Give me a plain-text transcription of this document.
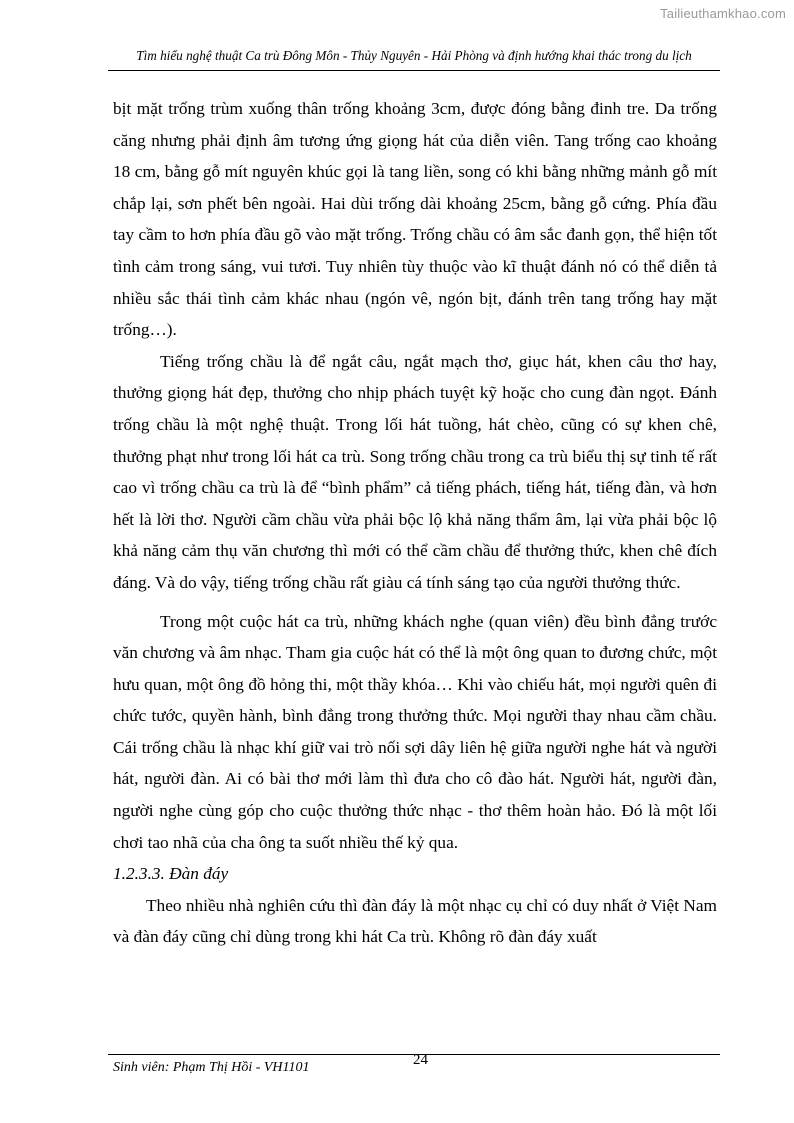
Tailieuthamkhao.com
Tìm hiểu nghệ thuật Ca trù Đông Môn - Thủy Nguyên - Hải Phòng và định hướng khai thác trong du lịch

bịt mặt trống trùm xuống thân trống khoảng 3cm, được đóng bằng đinh tre. Da trống căng nhưng phải định âm tương ứng giọng hát của diễn viên. Tang trống cao khoảng 18 cm, bằng gỗ mít nguyên khúc gọi là tang liền, song có khi bằng những mảnh gỗ mít chắp lại, sơn phết bên ngoài. Hai dùi trống dài khoảng 25cm, bằng gỗ cứng. Phía đầu tay cầm to hơn phía đầu gõ vào mặt trống. Trống chầu có âm sắc đanh gọn, thể hiện tốt tình cảm trong sáng, vui tươi. Tuy nhiên tùy thuộc vào kĩ thuật đánh nó có thể diễn tả nhiều sắc thái tình cảm khác nhau (ngón vê, ngón bịt, đánh trên tang trống hay mặt trống…).

Tiếng trống chầu là để ngắt câu, ngắt mạch thơ, giục hát, khen câu thơ hay, thưởng giọng hát đẹp, thưởng cho nhịp phách tuyệt kỹ hoặc cho cung đàn ngọt. Đánh trống chầu là một nghệ thuật. Trong lối hát tuồng, hát chèo, cũng có sự khen chê, thưởng phạt như trong lối hát ca trù. Song trống chầu trong ca trù biểu thị sự tinh tế rất cao vì trống chầu ca trù là để “bình phẩm” cả tiếng phách, tiếng hát, tiếng đàn, và hơn hết là lời thơ. Người cầm chầu vừa phải bộc lộ khả năng thẩm âm, lại vừa phải bộc lộ khả năng cảm thụ văn chương thì mới có thể cầm chầu để thưởng thức, khen chê đích đáng. Và do vậy, tiếng trống chầu rất giàu cá tính sáng tạo của người thưởng thức.

Trong một cuộc hát ca trù, những khách nghe (quan viên) đều bình đẳng trước văn chương và âm nhạc. Tham gia cuộc hát có thể là một ông quan to đương chức, một hưu quan, một ông đồ hỏng thi, một thầy khóa… Khi vào chiếu hát, mọi người quên đi chức tước, quyền hành, bình đẳng trong thưởng thức. Mọi người thay nhau cầm chầu. Cái trống chầu là nhạc khí giữ vai trò nối sợi dây liên hệ giữa người nghe hát và người hát, người đàn. Ai có bài thơ mới làm thì đưa cho cô đào hát. Người hát, người đàn, người nghe cùng góp cho cuộc thưởng thức nhạc - thơ thêm hoàn hảo. Đó là một lối chơi tao nhã của cha ông ta suốt nhiều thế kỷ qua.

1.2.3.3. Đàn đáy

Theo nhiều nhà nghiên cứu thì đàn đáy là một nhạc cụ chỉ có duy nhất ở Việt Nam và đàn đáy cũng chỉ dùng trong khi hát Ca trù. Không rõ đàn đáy xuất

Sinh viên: Phạm Thị Hồi - VH1101	24
